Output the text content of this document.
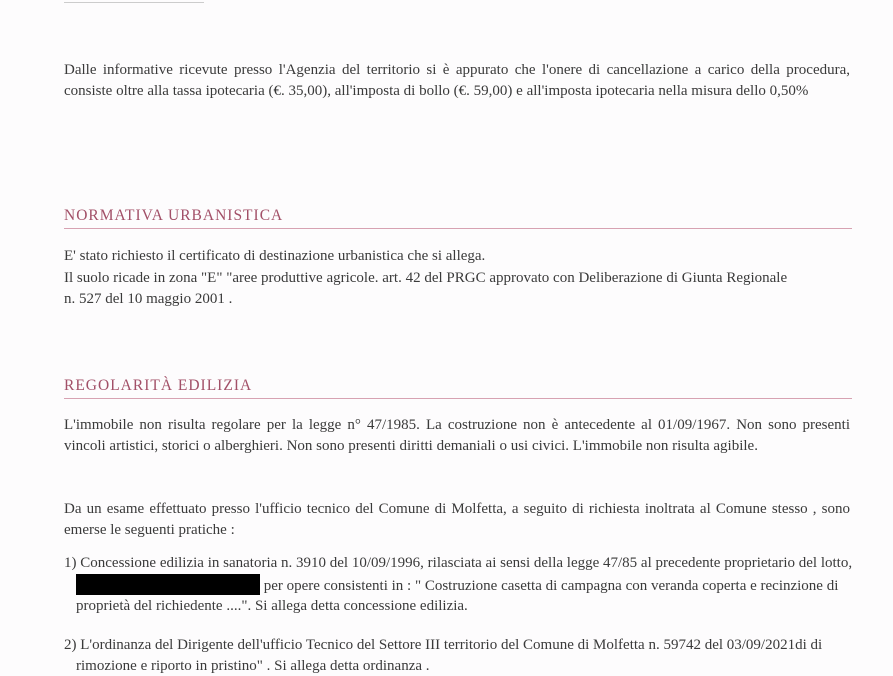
Dalle informative ricevute presso l'Agenzia del territorio si è appurato che l'onere di cancellazione a carico della procedura, consiste oltre alla tassa ipotecaria (€. 35,00), all'imposta di bollo (€. 59,00) e all'imposta ipotecaria nella misura dello 0,50%
NORMATIVA URBANISTICA
E' stato richiesto il certificato di destinazione urbanistica che si allega.
Il suolo ricade in zona "E" "aree produttive agricole. art. 42 del PRGC approvato con Deliberazione di Giunta Regionale
n. 527 del 10 maggio 2001 .
REGOLARITÀ EDILIZIA
L'immobile non risulta regolare per la legge n° 47/1985. La costruzione non è antecedente al 01/09/1967. Non sono presenti vincoli artistici, storici o alberghieri. Non sono presenti diritti demaniali o usi civici. L'immobile non risulta agibile.
Da un esame effettuato presso l'ufficio tecnico del Comune di Molfetta, a seguito di richiesta inoltrata al Comune stesso , sono emerse le seguenti pratiche :
1) Concessione edilizia in sanatoria n. 3910 del 10/09/1996, rilasciata ai sensi della legge 47/85 al precedente proprietario del lotto, per opere consistenti in : " Costruzione casetta di campagna con veranda coperta e recinzione di proprietà del richiedente ....". Si allega detta concessione edilizia.
2) L'ordinanza del Dirigente dell'ufficio Tecnico del Settore III territorio del Comune di Molfetta n. 59742 del 03/09/2021di di rimozione e riporto in pristino" . Si allega detta ordinanza .
